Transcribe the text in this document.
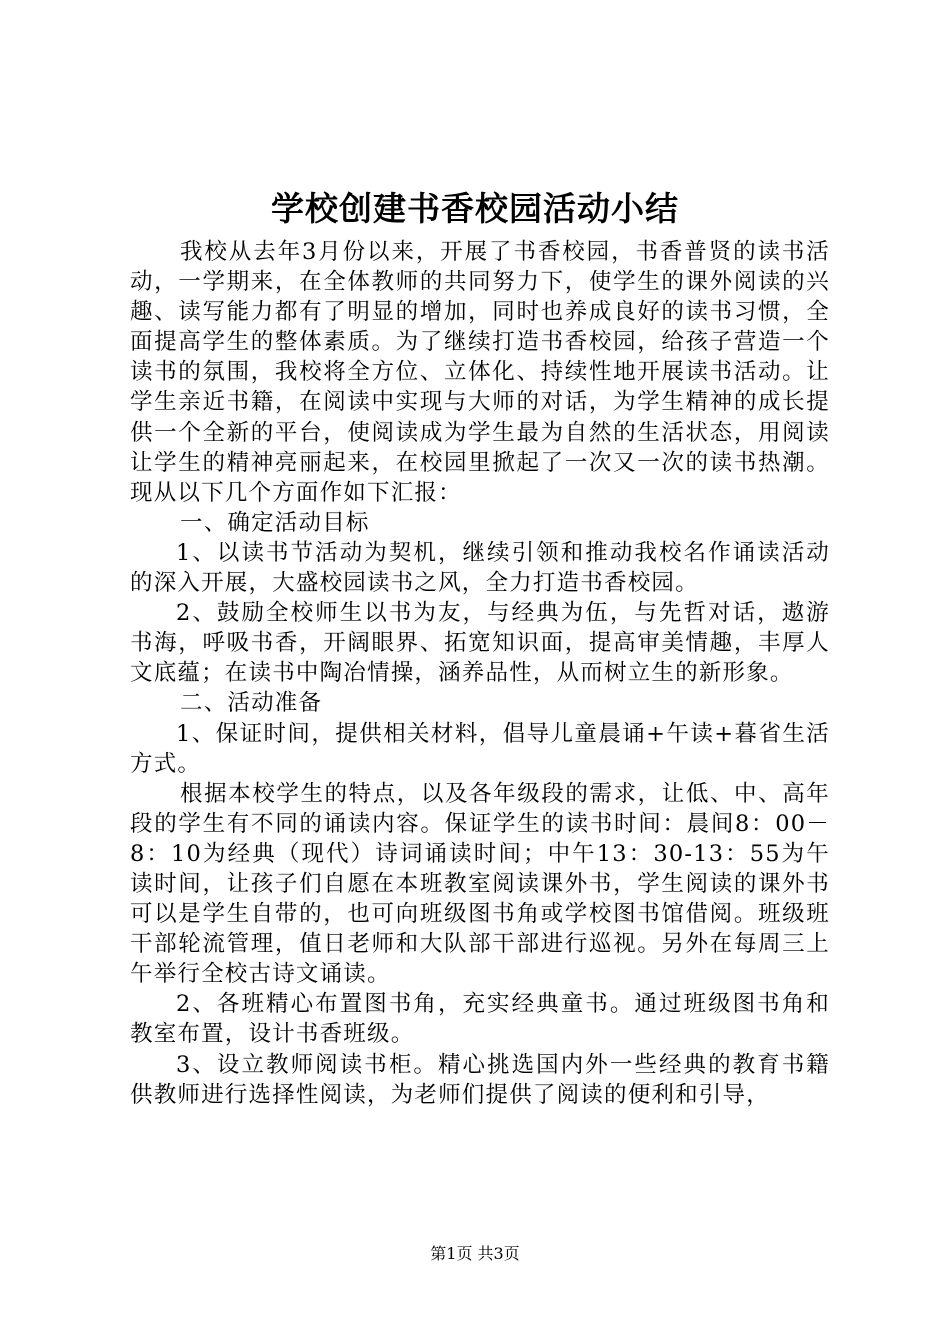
学校创建书香校园活动小结

我校从去年3月份以来，开展了书香校园，书香普贤的读书活动，一学期来，在全体教师的共同努力下，使学生的课外阅读的兴趣、读写能力都有了明显的增加，同时也养成良好的读书习惯，全面提高学生的整体素质。为了继续打造书香校园，给孩子营造一个读书的氛围，我校将全方位、立体化、持续性地开展读书活动。让学生亲近书籍，在阅读中实现与大师的对话，为学生精神的成长提供一个全新的平台，使阅读成为学生最为自然的生活状态，用阅读让学生的精神亮丽起来，在校园里掀起了一次又一次的读书热潮。现从以下几个方面作如下汇报：

一、确定活动目标

1、以读书节活动为契机，继续引领和推动我校名作诵读活动的深入开展，大盛校园读书之风，全力打造书香校园。

2、鼓励全校师生以书为友，与经典为伍，与先哲对话，遨游书海，呼吸书香，开阔眼界、拓宽知识面，提高审美情趣，丰厚人文底蕴；在读书中陶冶情操，涵养品性，从而树立生的新形象。

二、活动准备

1、保证时间，提供相关材料，倡导儿童晨诵+午读+暮省生活方式。

根据本校学生的特点，以及各年级段的需求，让低、中、高年段的学生有不同的诵读内容。保证学生的读书时间：晨间8：00－8：10为经典（现代）诗词诵读时间；中午13：30-13：55为午读时间，让孩子们自愿在本班教室阅读课外书，学生阅读的课外书可以是学生自带的，也可向班级图书角或学校图书馆借阅。班级班干部轮流管理，值日老师和大队部干部进行巡视。另外在每周三上午举行全校古诗文诵读。

2、各班精心布置图书角，充实经典童书。通过班级图书角和教室布置，设计书香班级。

3、设立教师阅读书柜。精心挑选国内外一些经典的教育书籍供教师进行选择性阅读，为老师们提供了阅读的便利和引导，

第1页 共3页
